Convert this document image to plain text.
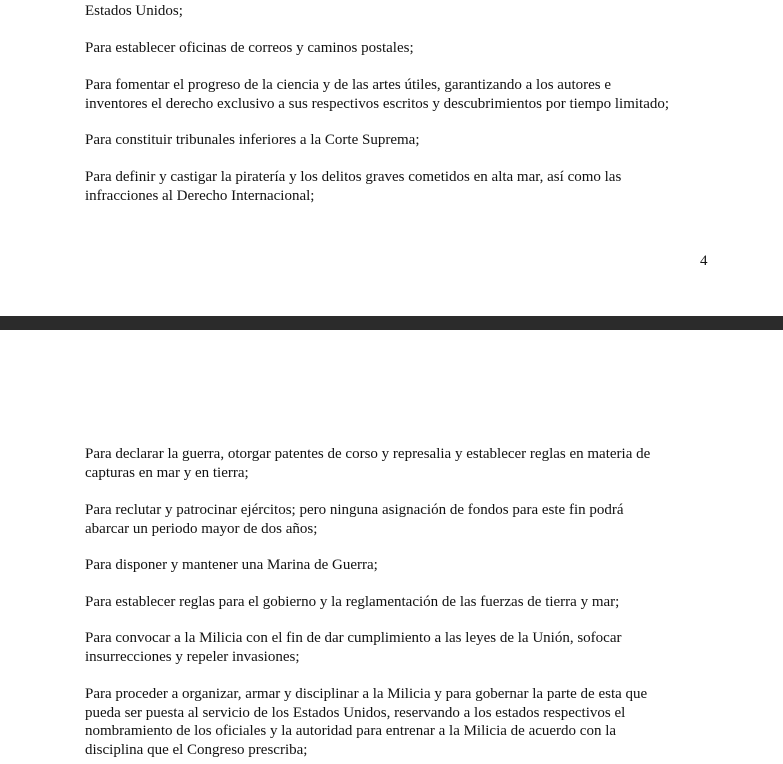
Estados Unidos;

Para establecer oficinas de correos y caminos postales;

Para fomentar el progreso de la ciencia y de las artes útiles, garantizando a los autores e
inventores el derecho exclusivo a sus respectivos escritos y descubrimientos por tiempo limitado;

Para constituir tribunales inferiores a la Corte Suprema;

Para definir y castigar la piratería y los delitos graves cometidos en alta mar, así como las
infracciones al Derecho Internacional;

4

Para declarar la guerra, otorgar patentes de corso y represalia y establecer reglas en materia de
capturas en mar y en tierra;

Para reclutar y patrocinar ejércitos; pero ninguna asignación de fondos para este fin podrá
abarcar un periodo mayor de dos años;

Para disponer y mantener una Marina de Guerra;

Para establecer reglas para el gobierno y la reglamentación de las fuerzas de tierra y mar;

Para convocar a la Milicia con el fin de dar cumplimiento a las leyes de la Unión, sofocar
insurrecciones y repeler invasiones;

Para proceder a organizar, armar y disciplinar a la Milicia y para gobernar la parte de esta que
pueda ser puesta al servicio de los Estados Unidos, reservando a los estados respectivos el
nombramiento de los oficiales y la autoridad para entrenar a la Milicia de acuerdo con la
disciplina que el Congreso prescriba;
